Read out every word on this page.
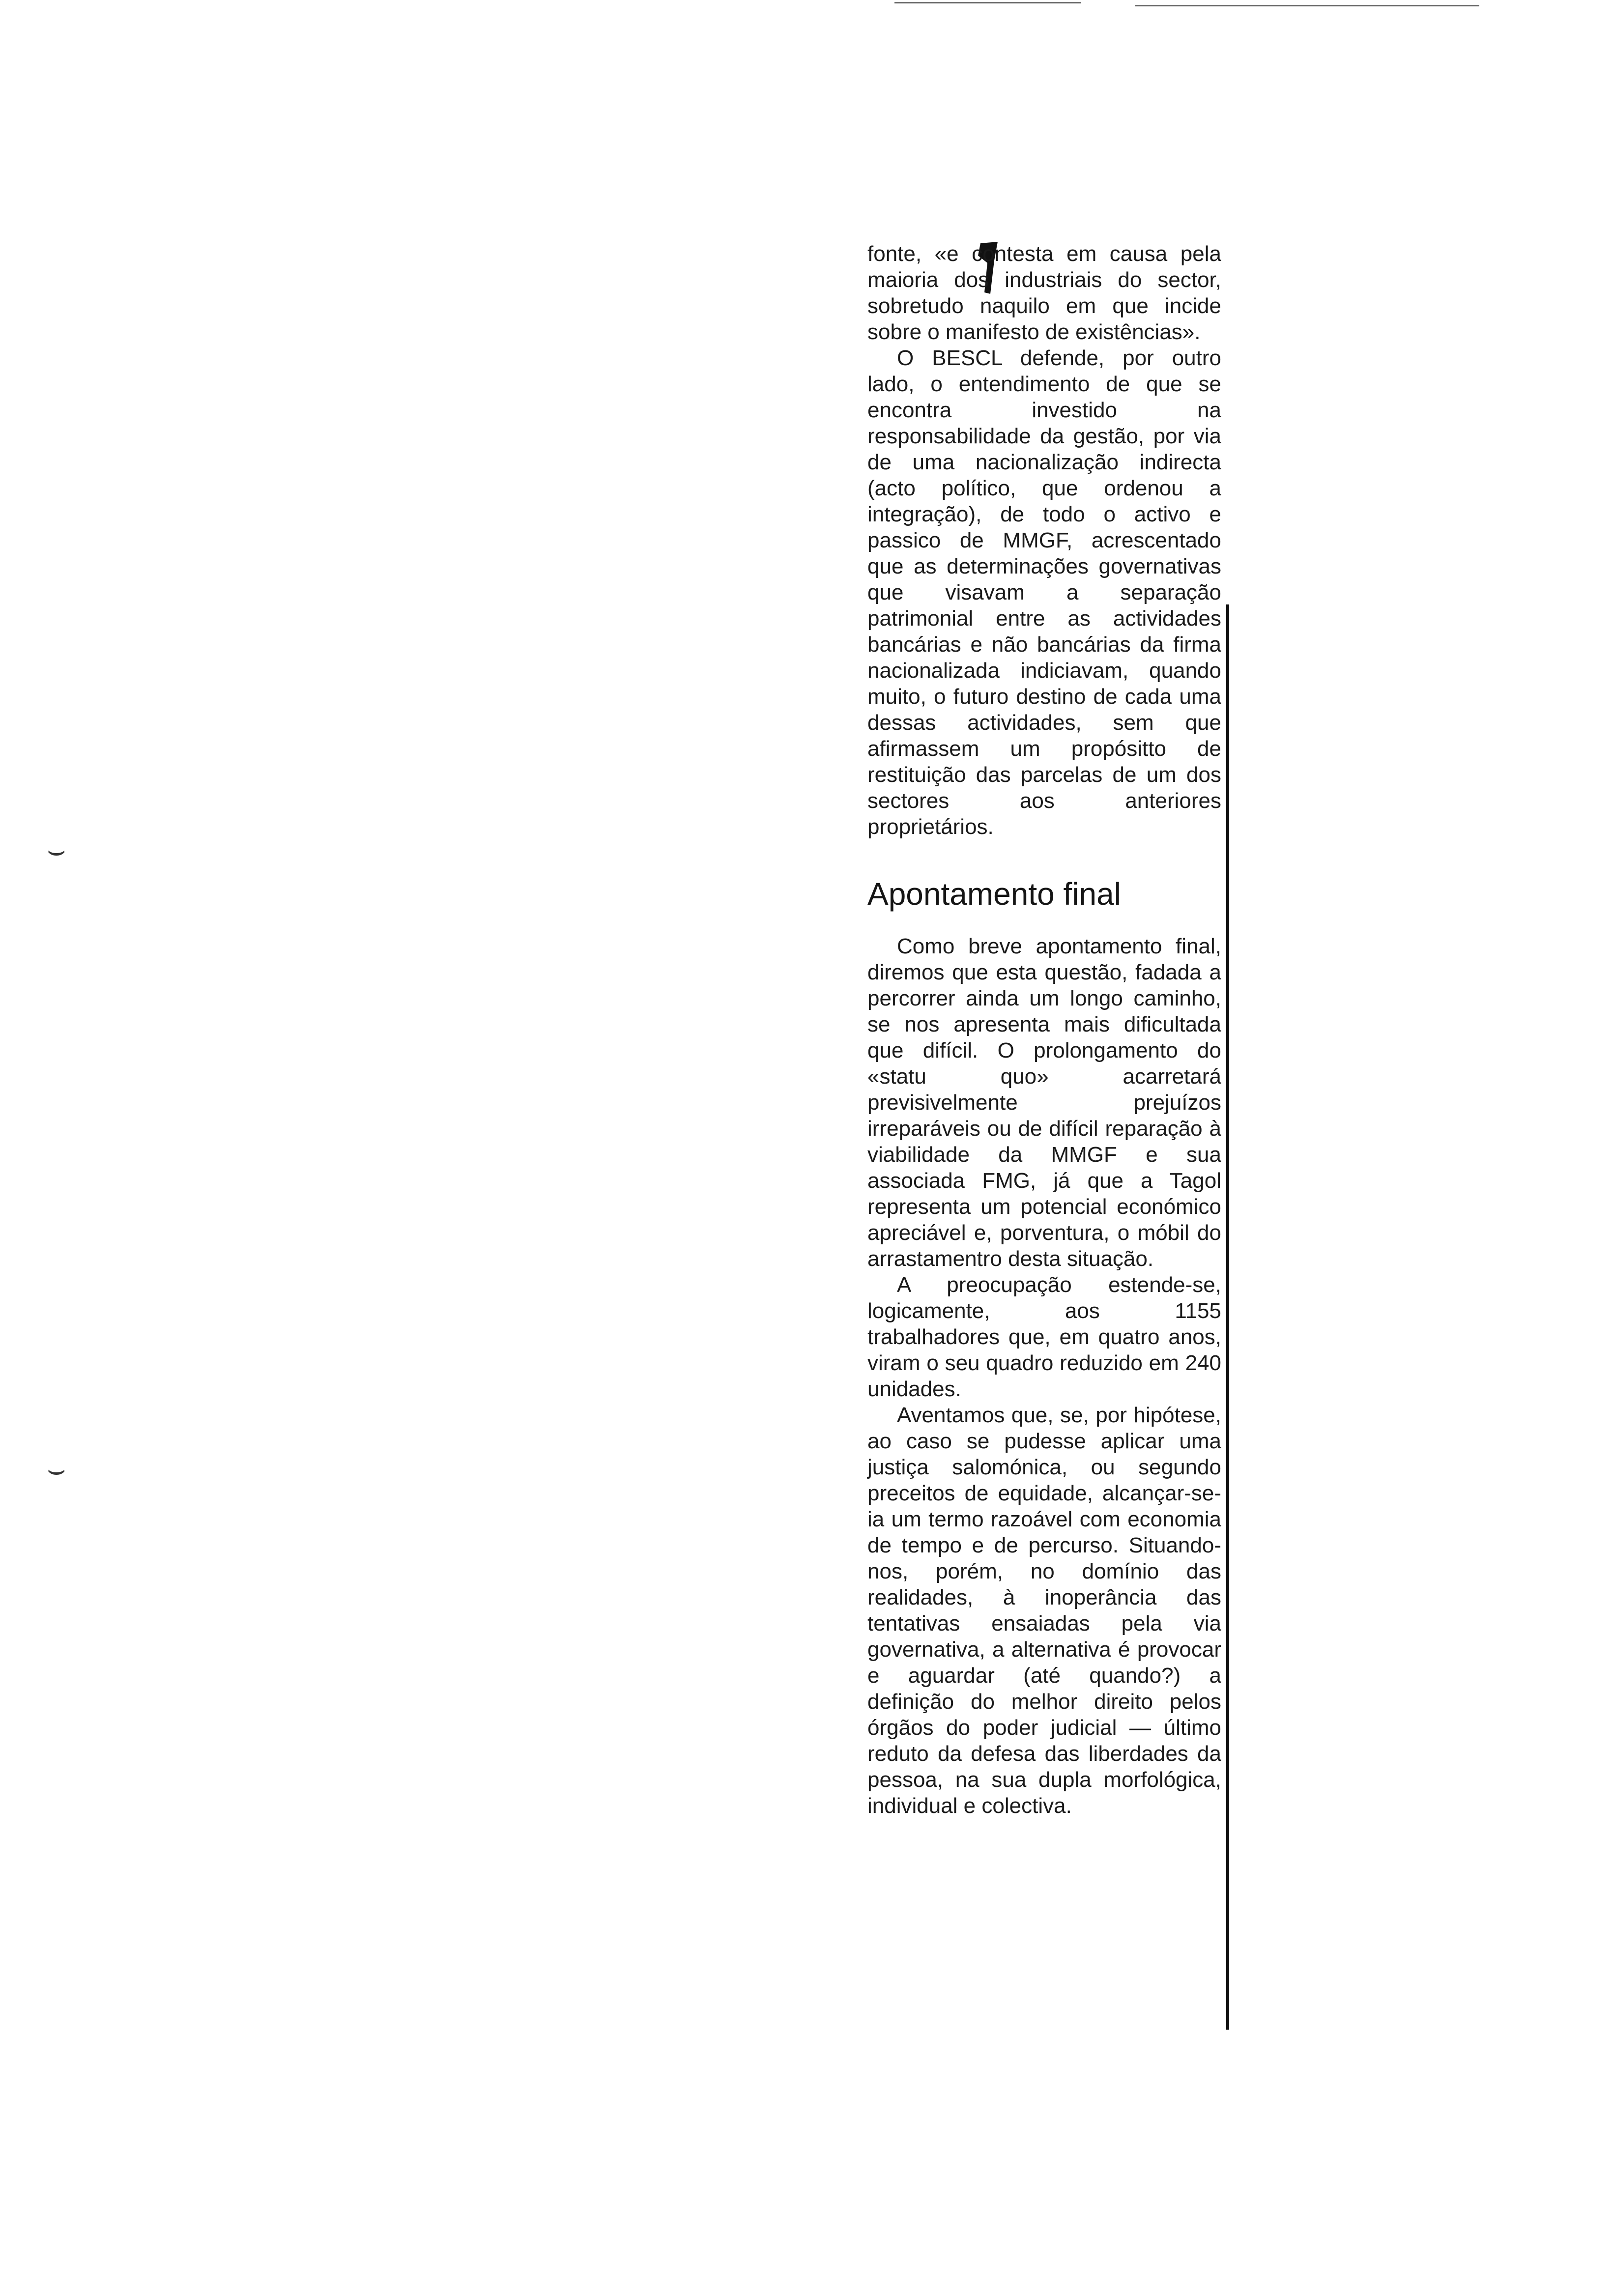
⌣
⌣

fonte, «e contesta em causa pela maioria dos industriais do sector, sobretudo naquilo em que incide sobre o manifesto de existências».

O BESCL defende, por outro lado, o entendimento de que se encontra investido na responsabilidade da gestão, por via de uma nacionalização indirecta (acto político, que ordenou a integração), de todo o activo e passico de MMGF, acrescentado que as determinações governativas que visavam a separação patrimonial entre as actividades bancárias e não bancárias da firma nacionalizada indiciavam, quando muito, o futuro destino de cada uma dessas actividades, sem que afirmassem um propósitto de restituição das parcelas de um dos sectores aos anteriores proprietários.

Apontamento final

Como breve apontamento final, diremos que esta questão, fadada a percorrer ainda um longo caminho, se nos apresenta mais dificultada que difícil. O prolongamento do «statu quo» acarretará previsivelmente prejuízos irreparáveis ou de difícil reparação à viabilidade da MMGF e sua associada FMG, já que a Tagol representa um potencial económico apreciável e, porventura, o móbil do arrastamentro desta situação.

A preocupação estende-se, logicamente, aos 1155 trabalhadores que, em quatro anos, viram o seu quadro reduzido em 240 unidades.

Aventamos que, se, por hipótese, ao caso se pudesse aplicar uma justiça salomónica, ou segundo preceitos de equidade, alcançar-se-ia um termo razoável com economia de tempo e de percurso. Situando-nos, porém, no domínio das realidades, à inoperância das tentativas ensaiadas pela via governativa, a alternativa é provocar e aguardar (até quando?) a definição do melhor direito pelos órgãos do poder judicial — último reduto da defesa das liberdades da pessoa, na sua dupla morfológica, individual e colectiva.
